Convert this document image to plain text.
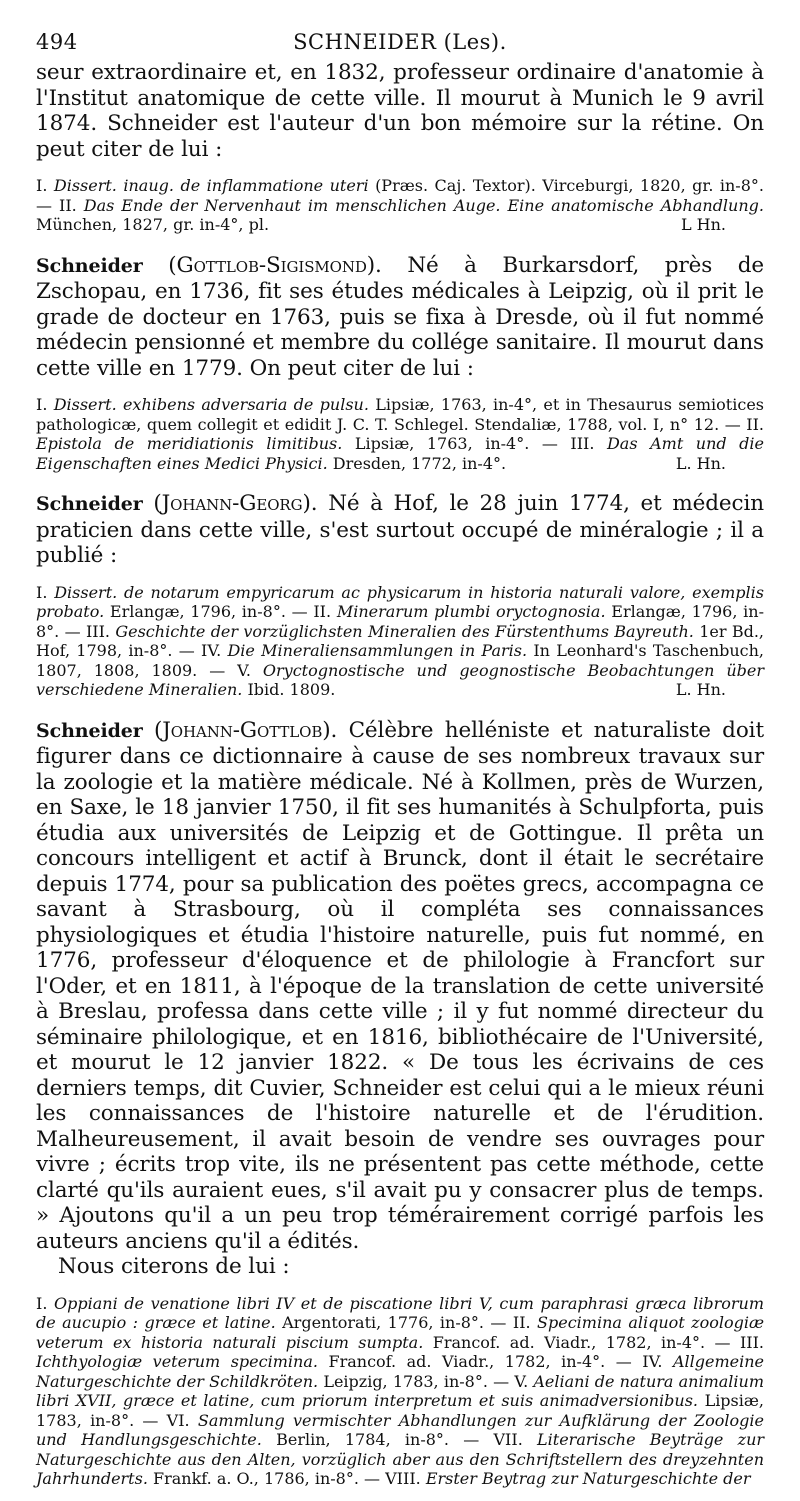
494	SCHNEIDER (Les).
seur extraordinaire et, en 1832, professeur ordinaire d'anatomie à l'Institut anatomique de cette ville. Il mourut à Munich le 9 avril 1874. Schneider est l'auteur d'un bon mémoire sur la rétine. On peut citer de lui :
I. Dissert. inaug. de inflammatione uteri (Præs. Caj. Textor). Virceburgi, 1820, gr. in-8°. — II. Das Ende der Nervenhaut im menschlichen Auge. Eine anatomische Abhandlung. München, 1827, gr. in-4°, pl.	L Hn.
Schneider (Gottlob-Sigismond). Né à Burkarsdorf, près de Zschopau, en 1736, fit ses études médicales à Leipzig, où il prit le grade de docteur en 1763, puis se fixa à Dresde, où il fut nommé médecin pensionné et membre du collége sanitaire. Il mourut dans cette ville en 1779. On peut citer de lui :
I. Dissert. exhibens adversaria de pulsu. Lipsiæ, 1763, in-4°, et in Thesaurus semiotices pathologicæ, quem collegit et edidit J. C. T. Schlegel. Stendaliæ, 1788, vol. I, n° 12. — II. Epistola de meridiationis limitibus. Lipsiæ, 1763, in-4°. — III. Das Amt und die Eigenschaften eines Medici Physici. Dresden, 1772, in-4°.	L. Hn.
Schneider (Johann-Georg). Né à Hof, le 28 juin 1774, et médecin praticien dans cette ville, s'est surtout occupé de minéralogie ; il a publié :
I. Dissert. de notarum empyricarum ac physicarum in historia naturali valore, exemplis probato. Erlangæ, 1796, in-8°. — II. Minerarum plumbi oryctognosia. Erlangæ, 1796, in-8°. — III. Geschichte der vorzüglichsten Mineralien des Fürstenthums Bayreuth. 1er Bd., Hof, 1798, in-8°. — IV. Die Mineraliensammlungen in Paris. In Leonhard's Taschenbuch, 1807, 1808, 1809. — V. Oryctognostische und geognostische Beobachtungen über verschiedene Mineralien. Ibid. 1809.	L. Hn.
Schneider (Johann-Gottlob). Célèbre helléniste et naturaliste doit figurer dans ce dictionnaire à cause de ses nombreux travaux sur la zoologie et la matière médicale. Né à Kollmen, près de Wurzen, en Saxe, le 18 janvier 1750, il fit ses humanités à Schulpforta, puis étudia aux universités de Leipzig et de Gottingue. Il prêta un concours intelligent et actif à Brunck, dont il était le secrétaire depuis 1774, pour sa publication des poëtes grecs, accompagna ce savant à Strasbourg, où il compléta ses connaissances physiologiques et étudia l'histoire naturelle, puis fut nommé, en 1776, professeur d'éloquence et de philologie à Francfort sur l'Oder, et en 1811, à l'époque de la translation de cette université à Breslau, professa dans cette ville ; il y fut nommé directeur du séminaire philologique, et en 1816, bibliothécaire de l'Université, et mourut le 12 janvier 1822. « De tous les écrivains de ces derniers temps, dit Cuvier, Schneider est celui qui a le mieux réuni les connaissances de l'histoire naturelle et de l'érudition. Malheureusement, il avait besoin de vendre ses ouvrages pour vivre ; écrits trop vite, ils ne présentent pas cette méthode, cette clarté qu'ils auraient eues, s'il avait pu y consacrer plus de temps. » Ajoutons qu'il a un peu trop témérairement corrigé parfois les auteurs anciens qu'il a édités.
Nous citerons de lui :
I. Oppiani de venatione libri IV et de piscatione libri V, cum paraphrasi græca librorum de aucupio : græce et latine. Argentorati, 1776, in-8°. — II. Specimina aliquot zoologiæ veterum ex historia naturali piscium sumpta. Francof. ad. Viadr., 1782, in-4°. — III. Ichthyologiæ veterum specimina. Francof. ad. Viadr., 1782, in-4°. — IV. Allgemeine Naturgeschichte der Schildkröten. Leipzig, 1783, in-8°. — V. Aeliani de natura animalium libri XVII, græce et latine, cum priorum interpretum et suis animadversionibus. Lipsiæ, 1783, in-8°. — VI. Sammlung vermischter Abhandlungen zur Aufklärung der Zoologie und Handlungsgeschichte. Berlin, 1784, in-8°. — VII. Literarische Beyträge zur Naturgeschichte aus den Alten, vorzüglich aber aus den Schriftstellern des dreyzehnten Jahrhunderts. Frankf. a. O., 1786, in-8°. — VIII. Erster Beytrag zur Naturgeschichte der
